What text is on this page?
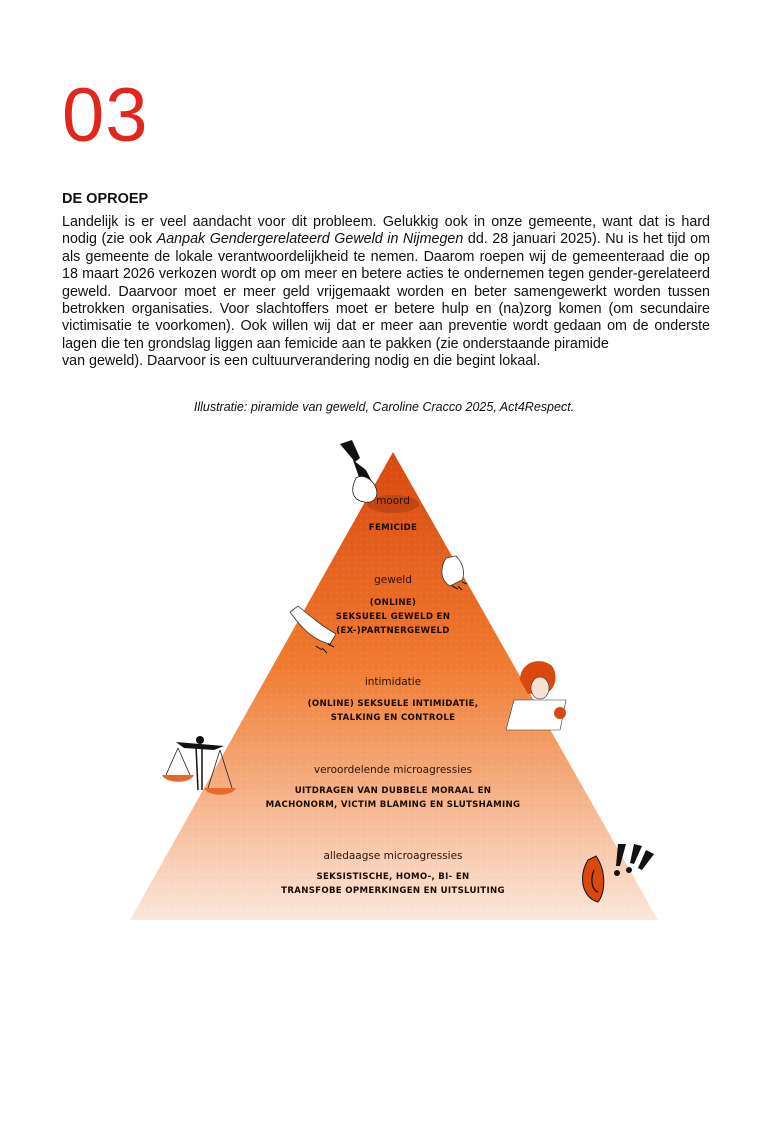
03
DE OPROEP
Landelijk is er veel aandacht voor dit probleem. Gelukkig ook in onze gemeente, want dat is hard nodig (zie ook Aanpak Gendergerelateerd Geweld in Nijmegen dd. 28 januari 2025). Nu is het tijd om als gemeente de lokale verantwoordelijkheid te nemen. Daarom roepen wij de gemeenteraad die op 18 maart 2026 verkozen wordt op om meer en betere acties te ondernemen tegen gender-gerelateerd geweld. Daarvoor moet er meer geld vrijgemaakt worden en beter samengewerkt worden tussen betrokken organisaties. Voor slachtoffers moet er betere hulp en (na)zorg komen (om secundaire victimisatie te voorkomen). Ook willen wij dat er meer aan preventie wordt gedaan om de onderste lagen die ten grondslag liggen aan femicide aan te pakken (zie onderstaande piramide
van geweld). Daarvoor is een cultuurverandering nodig en die begint lokaal.
Illustratie: piramide van geweld, Caroline Cracco 2025, Act4Respect.
moord
FEMICIDE
geweld
(ONLINE)
SEKSUEEL GEWELD EN
(EX-)PARTNERGEWELD
intimidatie
(ONLINE) SEKSUELE INTIMIDATIE,
STALKING EN CONTROLE
veroordelende microagressies
UITDRAGEN VAN DUBBELE MORAAL EN
MACHONORM, VICTIM BLAMING EN SLUTSHAMING
alledaagse microagressies
SEKSISTISCHE, HOMO-, BI- EN
TRANSFOBE OPMERKINGEN EN UITSLUITING
